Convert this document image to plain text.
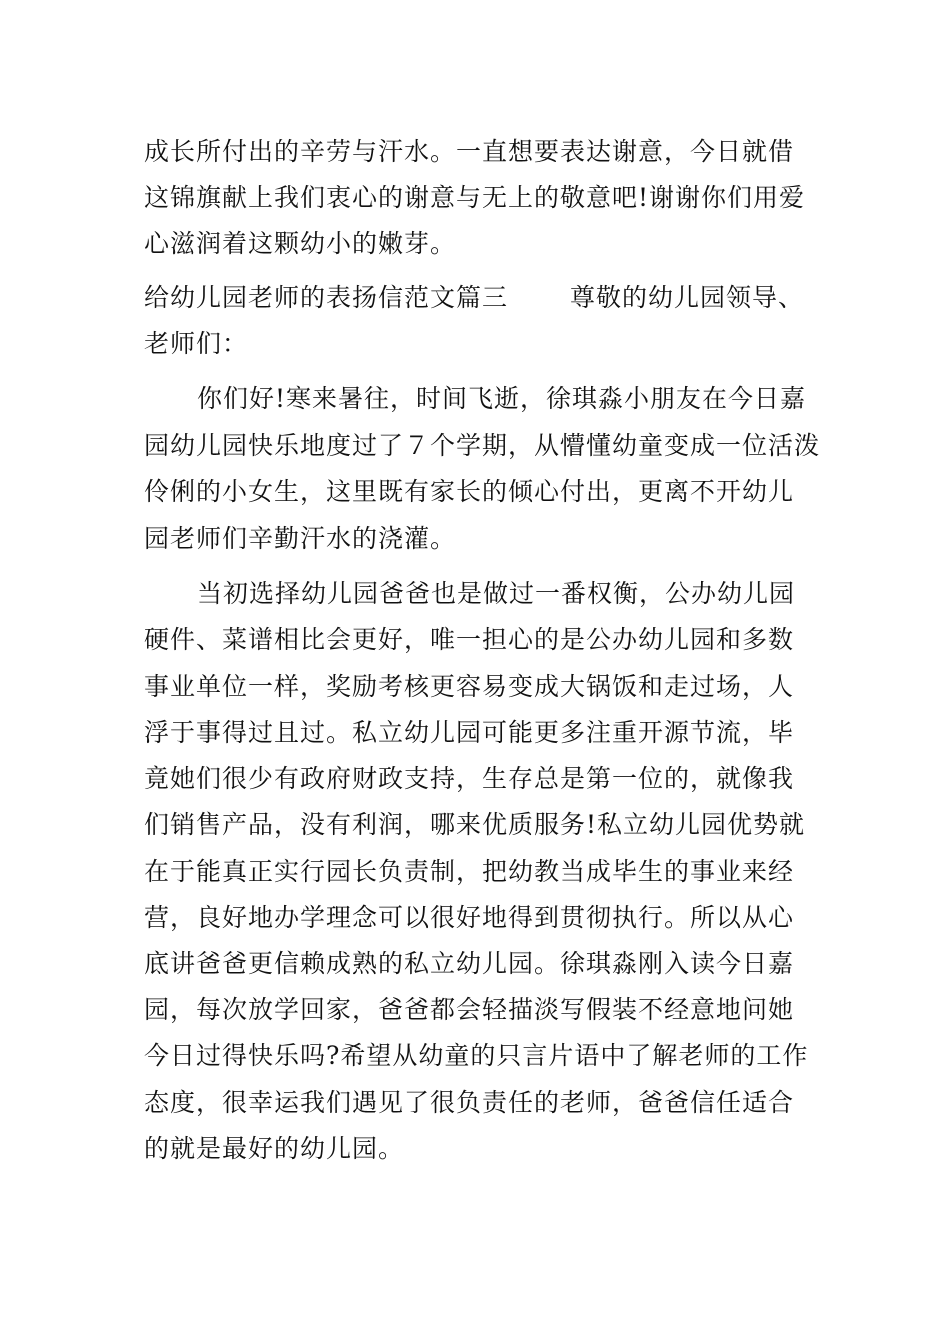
成长所付出的辛劳与汗水。一直想要表达谢意，今日就借
这锦旗献上我们衷心的谢意与无上的敬意吧!谢谢你们用爱
心滋润着这颗幼小的嫩芽。
给幼儿园老师的表扬信范文篇三 尊敬的幼儿园领导、
老师们：
你们好!寒来暑往，时间飞逝，徐琪淼小朋友在今日嘉
园幼儿园快乐地度过了７个学期，从懵懂幼童变成一位活泼
伶俐的小女生，这里既有家长的倾心付出，更离不开幼儿
园老师们辛勤汗水的浇灌。
当初选择幼儿园爸爸也是做过一番权衡，公办幼儿园
硬件、菜谱相比会更好，唯一担心的是公办幼儿园和多数
事业单位一样，奖励考核更容易变成大锅饭和走过场，人
浮于事得过且过。私立幼儿园可能更多注重开源节流，毕
竟她们很少有政府财政支持，生存总是第一位的，就像我
们销售产品，没有利润，哪来优质服务!私立幼儿园优势就
在于能真正实行园长负责制，把幼教当成毕生的事业来经
营，良好地办学理念可以很好地得到贯彻执行。所以从心
底讲爸爸更信赖成熟的私立幼儿园。徐琪淼刚入读今日嘉
园，每次放学回家，爸爸都会轻描淡写假装不经意地问她
今日过得快乐吗?希望从幼童的只言片语中了解老师的工作
态度，很幸运我们遇见了很负责任的老师，爸爸信任适合
的就是最好的幼儿园。
